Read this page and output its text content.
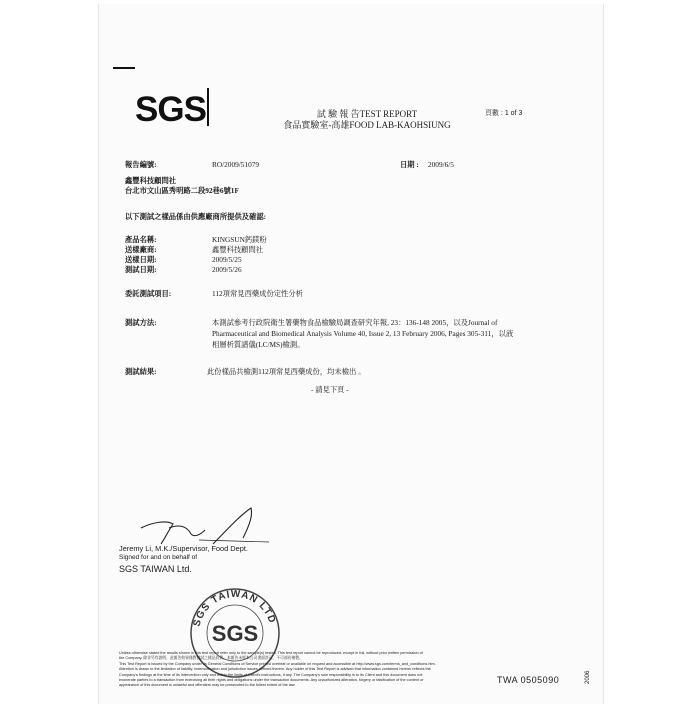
SGS	試 驗 報 告TEST REPORT
食品實驗室-高雄FOOD LAB-KAOHSIUNG
頁數 : 1 of 3
報告編號:	RO/2009/51079	日期 : 2009/6/5
鑫豐科技顧問社
台北市文山區秀明路二段92巷6號1F
以下測試之樣品係由供應廠商所提供及確認:
產品名稱:	KINGSUN鈣鎂粉
送樣廠商:	鑫豐科技顧問社
送樣日期:	2009/5/25
測試日期:	2009/5/26
委託測試項目:	112項常見西藥成份定性分析
測試方法:	本測試參考行政院衛生署藥物食品檢驗局調查研究年報, 23：136-148 2005，以及Journal of
Pharmaceutical and Biomedical Analysis Volume 40, Issue 2, 13 February 2006, Pages 305-311，以液
相層析質譜儀(LC/MS)檢測。
測試結果:	此份樣品共檢測112項常見西藥成份，均未檢出 。
- 請見下頁 -
Jeremy Li, M.K./Supervisor, Food Dept.
Signed for and on behalf of
SGS TAIWAN Ltd.
SGS TAIWAN LTD
SGS
Unless otherwise stated the results shown in this test report refer only to the sample(s) tested. This test report cannot be reproduced, except in full, without prior written permission of
the Company. 除非另有說明，此報告結果僅對測試之樣品負責，本報告未經本公司書面許可，不可部份複製。
This Test Report is issued by the Company under its General Conditions of Service printed overleaf or available on request and accessible at http://www.sgs.com/terms_and_conditions.htm.
Attention is drawn to the limitation of liability, indemnification and jurisdiction issues defined therein. Any holder of this Test Report is advised that information contained hereon reflects the
Company's findings at the time of its intervention only and within the limits of Client's instructions, if any. The Company's sole responsibility is to its Client and this document does not
exonerate parties to a transaction from exercising all their rights and obligations under the transaction documents. Any unauthorized alteration, forgery or falsification of the content or
appearance of this document is unlawful and offenders may be prosecuted to the fullest extent of the law.
TWA 0505090	2006
